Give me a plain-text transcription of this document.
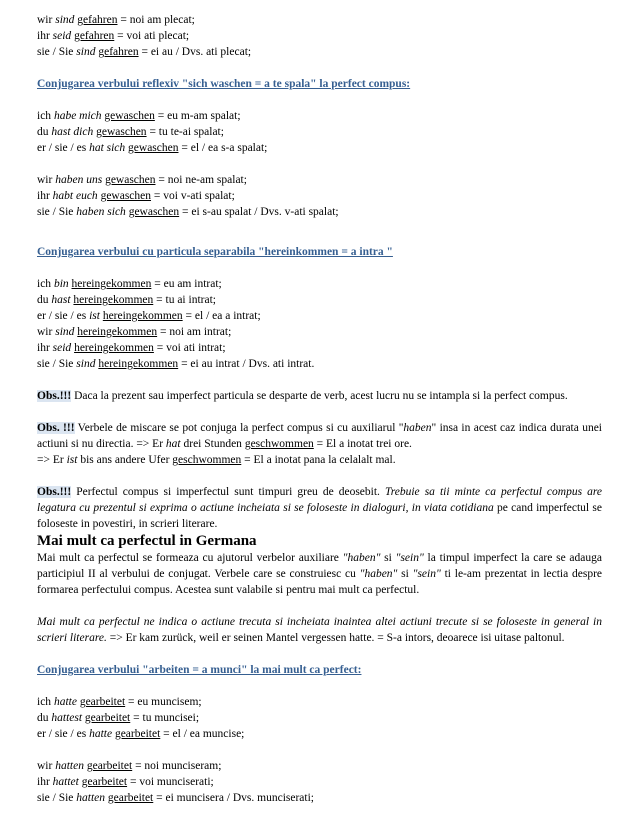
wir sind gefahren = noi am plecat;
ihr seid gefahren = voi ati plecat;
sie / Sie sind gefahren = ei au / Dvs. ati plecat;
Conjugarea verbului reflexiv "sich waschen = a te spala" la perfect compus:
ich habe mich gewaschen = eu m-am spalat;
du hast dich gewaschen = tu te-ai spalat;
er / sie / es hat sich gewaschen = el / ea s-a spalat;
wir haben uns gewaschen = noi ne-am spalat;
ihr habt euch gewaschen = voi v-ati spalat;
sie / Sie haben sich gewaschen = ei s-au spalat / Dvs. v-ati spalat;
Conjugarea verbului cu particula separabila "hereinkommen = a intra "
ich bin hereingekommen = eu am intrat;
du hast hereingekommen = tu ai intrat;
er / sie / es ist hereingekommen = el / ea a intrat;
wir sind hereingekommen = noi am intrat;
ihr seid hereingekommen = voi ati intrat;
sie / Sie sind hereingekommen = ei au intrat / Dvs. ati intrat.
Obs.!!! Daca la prezent sau imperfect particula se desparte de verb, acest lucru nu se intampla si la perfect compus.
Obs. !!! Verbele de miscare se pot conjuga la perfect compus si cu auxiliarul "haben" insa in acest caz indica durata unei actiuni si nu directia. => Er hat drei Stunden geschwommen = El a inotat trei ore.
=> Er ist bis ans andere Ufer geschwommen = El a inotat pana la celalalt mal.
Obs.!!! Perfectul compus si imperfectul sunt timpuri greu de deosebit. Trebuie sa tii minte ca perfectul compus are legatura cu prezentul si exprima o actiune incheiata si se foloseste in dialoguri, in viata cotidiana pe cand imperfectul se foloseste in povestiri, in scrieri literare.
Mai mult ca perfectul in Germana
Mai mult ca perfectul se formeaza cu ajutorul verbelor auxiliare "haben" si "sein" la timpul imperfect la care se adauga participiul II al verbului de conjugat. Verbele care se construiesc cu "haben" si "sein" ti le-am prezentat in lectia despre formarea perfectului compus. Acestea sunt valabile si pentru mai mult ca perfectul.
Mai mult ca perfectul ne indica o actiune trecuta si incheiata inaintea altei actiuni trecute si se foloseste in general in scrieri literare. => Er kam zurück, weil er seinen Mantel vergessen hatte. = S-a intors, deoarece isi uitase paltonul.
Conjugarea verbului "arbeiten = a munci" la mai mult ca perfect:
ich hatte gearbeitet = eu muncisem;
du hattest gearbeitet = tu muncisei;
er / sie / es hatte gearbeitet = el / ea muncise;
wir hatten gearbeitet = noi munciseram;
ihr hattet gearbeitet = voi munciserati;
sie / Sie hatten gearbeitet = ei muncisera / Dvs. munciserati;
